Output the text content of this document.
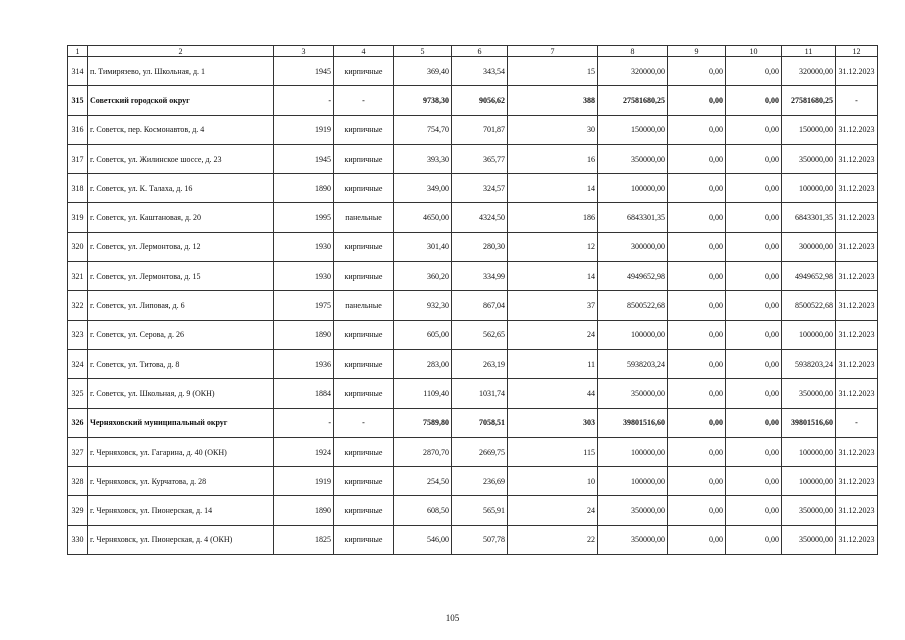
1	2	3	4	5	6	7	8	9	10	11	12
314	п. Тимирязево, ул. Школьная, д. 1	1945	кирпичные	369,40	343,54	15	320000,00	0,00	0,00	320000,00	31.12.2023
315	Советский городской округ	-	-	9738,30	9056,62	388	27581680,25	0,00	0,00	27581680,25	-
316	г. Советск, пер. Космонавтов, д. 4	1919	кирпичные	754,70	701,87	30	150000,00	0,00	0,00	150000,00	31.12.2023
317	г. Советск, ул. Жилинское шоссе, д. 23	1945	кирпичные	393,30	365,77	16	350000,00	0,00	0,00	350000,00	31.12.2023
318	г. Советск, ул. К. Талаха, д. 16	1890	кирпичные	349,00	324,57	14	100000,00	0,00	0,00	100000,00	31.12.2023
319	г. Советск, ул. Каштановая, д. 20	1995	панельные	4650,00	4324,50	186	6843301,35	0,00	0,00	6843301,35	31.12.2023
320	г. Советск, ул. Лермонтова, д. 12	1930	кирпичные	301,40	280,30	12	300000,00	0,00	0,00	300000,00	31.12.2023
321	г. Советск, ул. Лермонтова, д. 15	1930	кирпичные	360,20	334,99	14	4949652,98	0,00	0,00	4949652,98	31.12.2023
322	г. Советск, ул. Липовая, д. 6	1975	панельные	932,30	867,04	37	8500522,68	0,00	0,00	8500522,68	31.12.2023
323	г. Советск, ул. Серова, д. 26	1890	кирпичные	605,00	562,65	24	100000,00	0,00	0,00	100000,00	31.12.2023
324	г. Советск, ул. Титова, д. 8	1936	кирпичные	283,00	263,19	11	5938203,24	0,00	0,00	5938203,24	31.12.2023
325	г. Советск, ул. Школьная, д. 9 (ОКН)	1884	кирпичные	1109,40	1031,74	44	350000,00	0,00	0,00	350000,00	31.12.2023
326	Черняховский муниципальный округ	-	-	7589,80	7058,51	303	39801516,60	0,00	0,00	39801516,60	-
327	г. Черняховск, ул. Гагарина, д. 40 (ОКН)	1924	кирпичные	2870,70	2669,75	115	100000,00	0,00	0,00	100000,00	31.12.2023
328	г. Черняховск, ул. Курчатова, д. 28	1919	кирпичные	254,50	236,69	10	100000,00	0,00	0,00	100000,00	31.12.2023
329	г. Черняховск, ул. Пионерская, д. 14	1890	кирпичные	608,50	565,91	24	350000,00	0,00	0,00	350000,00	31.12.2023
330	г. Черняховск, ул. Пионерская, д. 4 (ОКН)	1825	кирпичные	546,00	507,78	22	350000,00	0,00	0,00	350000,00	31.12.2023
105
